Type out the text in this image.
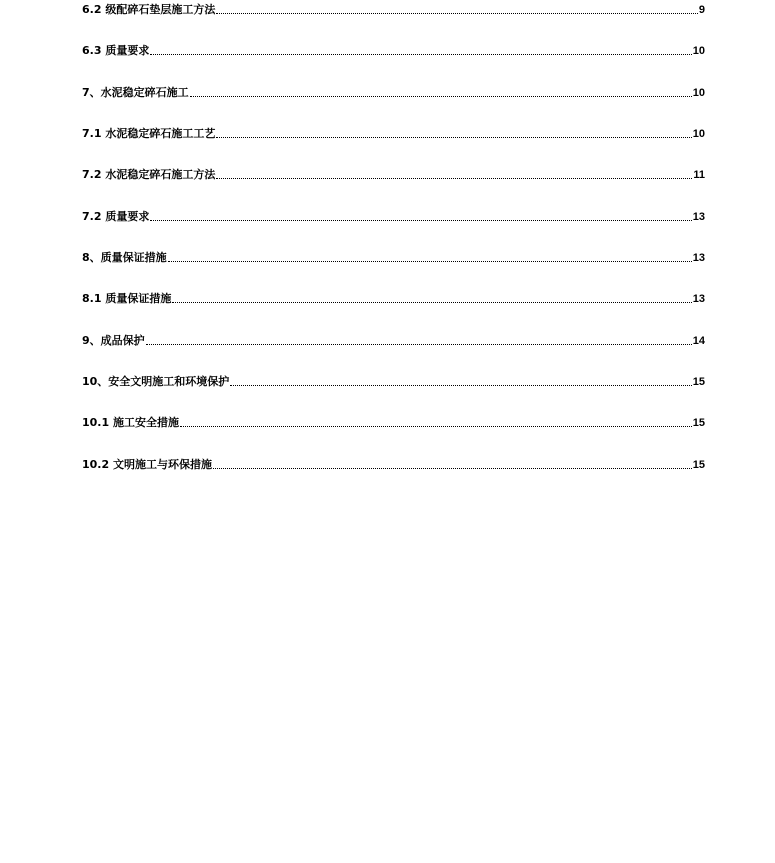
6.2 级配碎石垫层施工方法	9
6.3 质量要求	10
7、水泥稳定碎石施工	10
7.1 水泥稳定碎石施工工艺	10
7.2 水泥稳定碎石施工方法	11
7.2 质量要求	13
8、质量保证措施	13
8.1 质量保证措施	13
9、成品保护	14
10、安全文明施工和环境保护	15
10.1 施工安全措施	15
10.2 文明施工与环保措施	15
